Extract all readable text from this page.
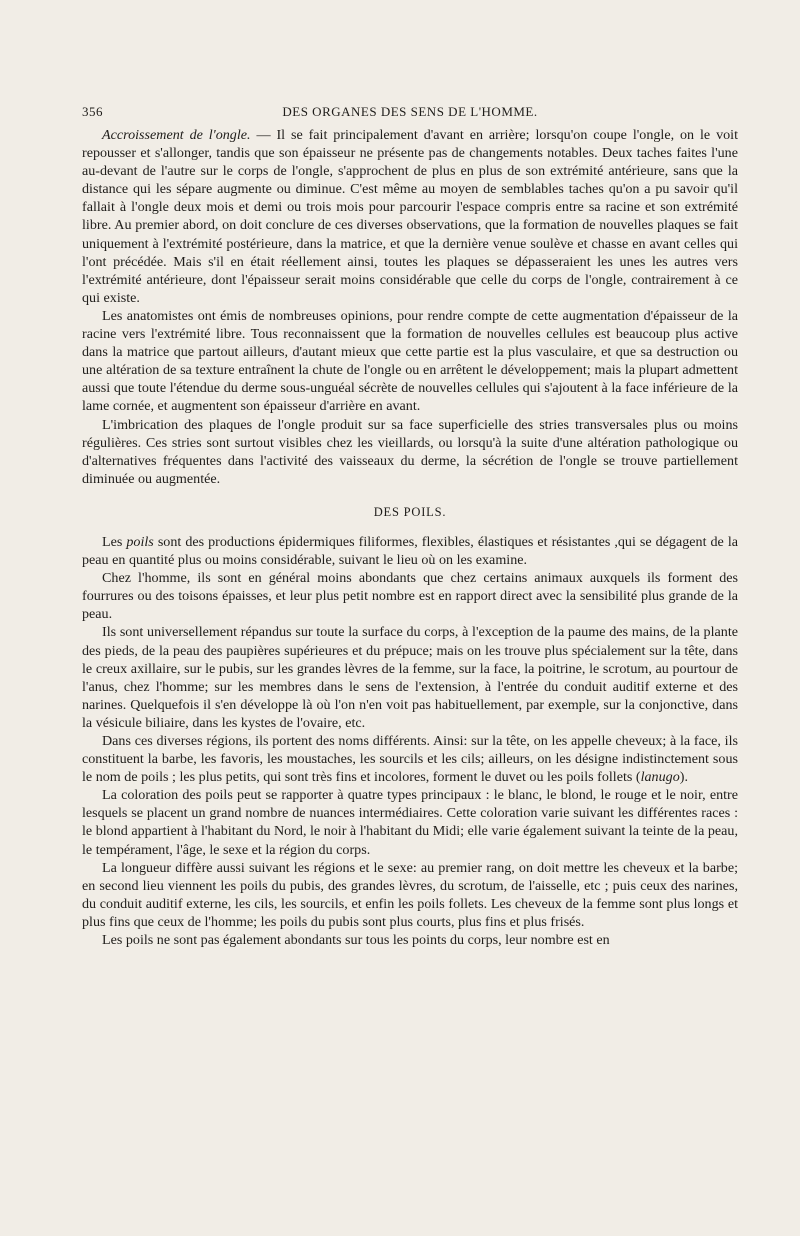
356	DES ORGANES DES SENS DE L'HOMME.

Accroissement de l'ongle. — Il se fait principalement d'avant en arrière; lorsqu'on coupe l'ongle, on le voit repousser et s'allonger, tandis que son épaisseur ne présente pas de changements notables. Deux taches faites l'une au-devant de l'autre sur le corps de l'ongle, s'approchent de plus en plus de son extrémité antérieure, sans que la distance qui les sépare augmente ou diminue. C'est même au moyen de semblables taches qu'on a pu savoir qu'il fallait à l'ongle deux mois et demi ou trois mois pour parcourir l'espace compris entre sa racine et son extrémité libre. Au premier abord, on doit conclure de ces diverses observations, que la formation de nouvelles plaques se fait uniquement à l'extrémité postérieure, dans la matrice, et que la dernière venue soulève et chasse en avant celles qui l'ont précédée. Mais s'il en était réellement ainsi, toutes les plaques se dépasseraient les unes les autres vers l'extrémité antérieure, dont l'épaisseur serait moins considérable que celle du corps de l'ongle, contrairement à ce qui existe.

Les anatomistes ont émis de nombreuses opinions, pour rendre compte de cette augmentation d'épaisseur de la racine vers l'extrémité libre. Tous reconnaissent que la formation de nouvelles cellules est beaucoup plus active dans la matrice que partout ailleurs, d'autant mieux que cette partie est la plus vasculaire, et que sa destruction ou une altération de sa texture entraînent la chute de l'ongle ou en arrêtent le développement; mais la plupart admettent aussi que toute l'étendue du derme sous-unguéal sécrète de nouvelles cellules qui s'ajoutent à la face inférieure de la lame cornée, et augmentent son épaisseur d'arrière en avant.

L'imbrication des plaques de l'ongle produit sur sa face superficielle des stries transversales plus ou moins régulières. Ces stries sont surtout visibles chez les vieillards, ou lorsqu'à la suite d'une altération pathologique ou d'alternatives fréquentes dans l'activité des vaisseaux du derme, la sécrétion de l'ongle se trouve partiellement diminuée ou augmentée.

DES POILS.

Les poils sont des productions épidermiques filiformes, flexibles, élastiques et résistantes ,qui se dégagent de la peau en quantité plus ou moins considérable, suivant le lieu où on les examine.

Chez l'homme, ils sont en général moins abondants que chez certains animaux auxquels ils forment des fourrures ou des toisons épaisses, et leur plus petit nombre est en rapport direct avec la sensibilité plus grande de la peau.

Ils sont universellement répandus sur toute la surface du corps, à l'exception de la paume des mains, de la plante des pieds, de la peau des paupières supérieures et du prépuce; mais on les trouve plus spécialement sur la tête, dans le creux axillaire, sur le pubis, sur les grandes lèvres de la femme, sur la face, la poitrine, le scrotum, au pourtour de l'anus, chez l'homme; sur les membres dans le sens de l'extension, à l'entrée du conduit auditif externe et des narines. Quelquefois il s'en développe là où l'on n'en voit pas habituellement, par exemple, sur la conjonctive, dans la vésicule biliaire, dans les kystes de l'ovaire, etc.

Dans ces diverses régions, ils portent des noms différents. Ainsi: sur la tête, on les appelle cheveux; à la face, ils constituent la barbe, les favoris, les moustaches, les sourcils et les cils; ailleurs, on les désigne indistinctement sous le nom de poils ; les plus petits, qui sont très fins et incolores, forment le duvet ou les poils follets (lanugo).

La coloration des poils peut se rapporter à quatre types principaux : le blanc, le blond, le rouge et le noir, entre lesquels se placent un grand nombre de nuances intermédiaires. Cette coloration varie suivant les différentes races : le blond appartient à l'habitant du Nord, le noir à l'habitant du Midi; elle varie également suivant la teinte de la peau, le tempérament, l'âge, le sexe et la région du corps.

La longueur diffère aussi suivant les régions et le sexe: au premier rang, on doit mettre les cheveux et la barbe; en second lieu viennent les poils du pubis, des grandes lèvres, du scrotum, de l'aisselle, etc ; puis ceux des narines, du conduit auditif externe, les cils, les sourcils, et enfin les poils follets. Les cheveux de la femme sont plus longs et plus fins que ceux de l'homme; les poils du pubis sont plus courts, plus fins et plus frisés.

Les poils ne sont pas également abondants sur tous les points du corps, leur nombre est en
